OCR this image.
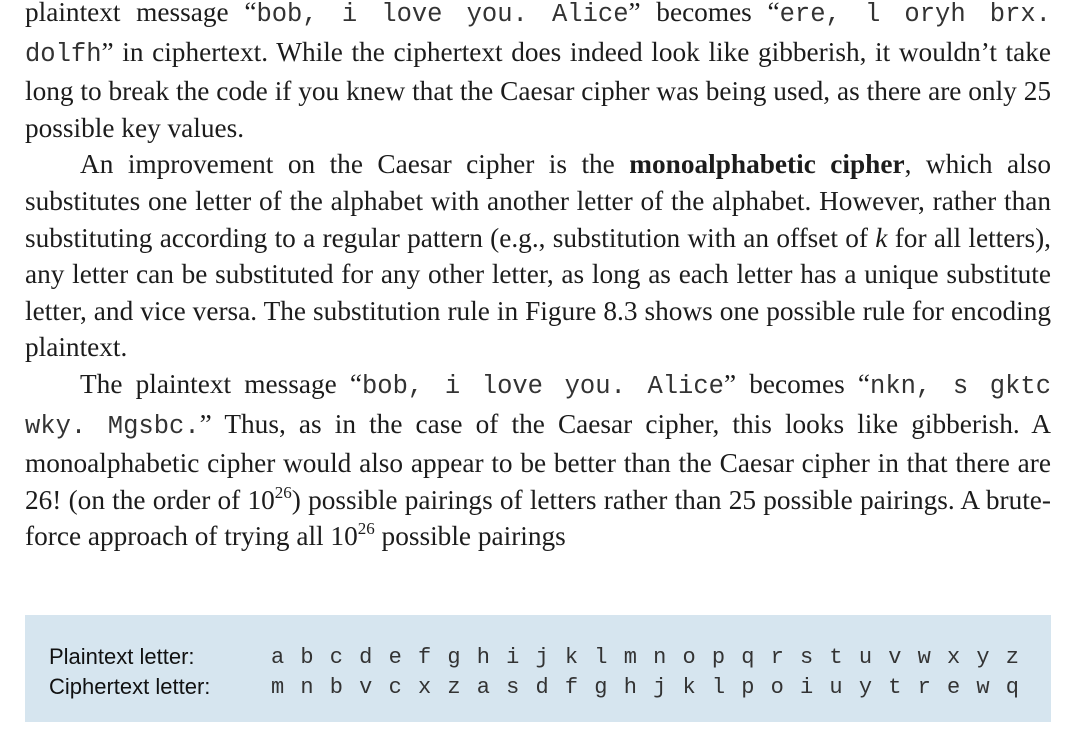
plaintext message “bob, i love you. Alice” becomes “ere, l oryh brx. dolfh” in ciphertext. While the ciphertext does indeed look like gibberish, it wouldn’t take long to break the code if you knew that the Caesar cipher was being used, as there are only 25 possible key values.

An improvement on the Caesar cipher is the monoalphabetic cipher, which also substitutes one letter of the alphabet with another letter of the alphabet. However, rather than substituting according to a regular pattern (e.g., substitution with an offset of k for all letters), any letter can be substituted for any other letter, as long as each letter has a unique substitute letter, and vice versa. The substitution rule in Figure 8.3 shows one possible rule for encoding plaintext.

The plaintext message “bob, i love you. Alice” becomes “nkn, s gktc wky. Mgsbc.” Thus, as in the case of the Caesar cipher, this looks like gibberish. A monoalphabetic cipher would also appear to be better than the Caesar cipher in that there are 26! (on the order of $10^{26}$) possible pairings of letters rather than 25 possible pairings. A brute-force approach of trying all $10^{26}$ possible pairings

Plaintext letter:	a b c d e f g h i j k l m n o p q r s t u v w x y z
Ciphertext letter:	m n b v c x z a s d f g h j k l p o i u y t r e w q
